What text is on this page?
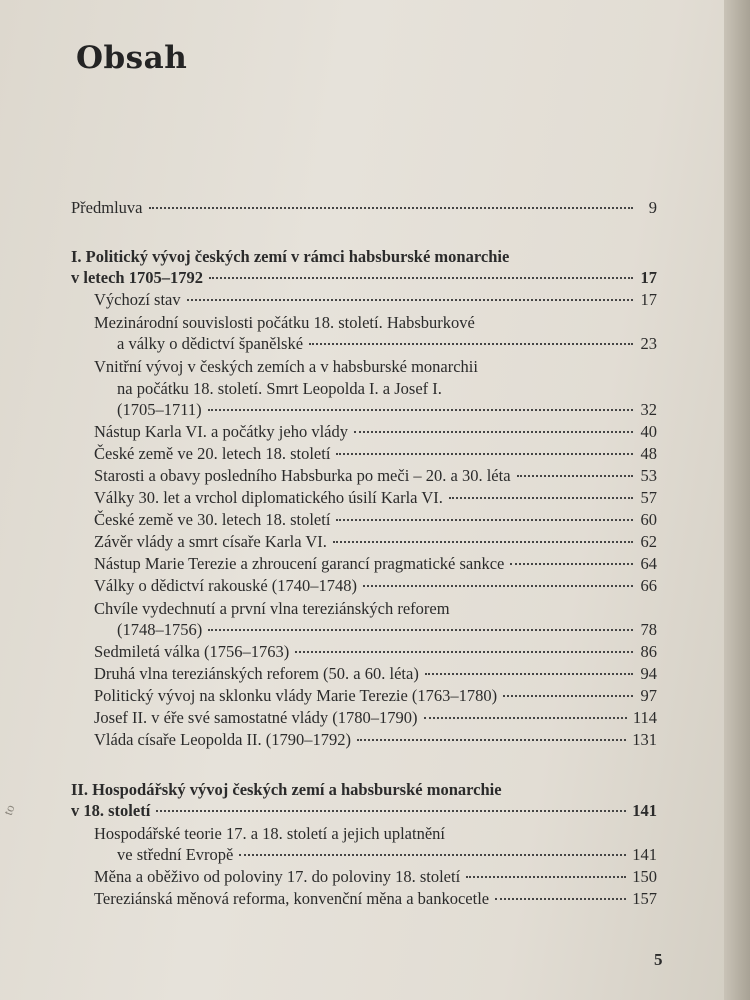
to
Obsah
Předmluva	9
I. Politický vývoj českých zemí v rámci habsburské monarchie
v letech 1705–1792	17
Výchozí stav	17
Mezinárodní souvislosti počátku 18. století. Habsburkové
a války o dědictví španělské	23
Vnitřní vývoj v českých zemích a v habsburské monarchii
na počátku 18. století. Smrt Leopolda I. a Josef I.
(1705–1711)	32
Nástup Karla VI. a počátky jeho vlády	40
České země ve 20. letech 18. století	48
Starosti a obavy posledního Habsburka po meči – 20. a 30. léta	53
Války 30. let a vrchol diplomatického úsilí Karla VI.	57
České země ve 30. letech 18. století	60
Závěr vlády a smrt císaře Karla VI.	62
Nástup Marie Terezie a zhroucení garancí pragmatické sankce	64
Války o dědictví rakouské (1740–1748)	66
Chvíle vydechnutí a první vlna tereziánských reforem
(1748–1756)	78
Sedmiletá válka (1756–1763)	86
Druhá vlna tereziánských reforem (50. a 60. léta)	94
Politický vývoj na sklonku vlády Marie Terezie (1763–1780)	97
Josef II. v éře své samostatné vlády (1780–1790)	114
Vláda císaře Leopolda II. (1790–1792)	131
II. Hospodářský vývoj českých zemí a habsburské monarchie
v 18. století	141
Hospodářské teorie 17. a 18. století a jejich uplatnění
ve střední Evropě	141
Měna a oběživo od poloviny 17. do poloviny 18. století	150
Tereziánská měnová reforma, konvenční měna a bankocetle	157
5
